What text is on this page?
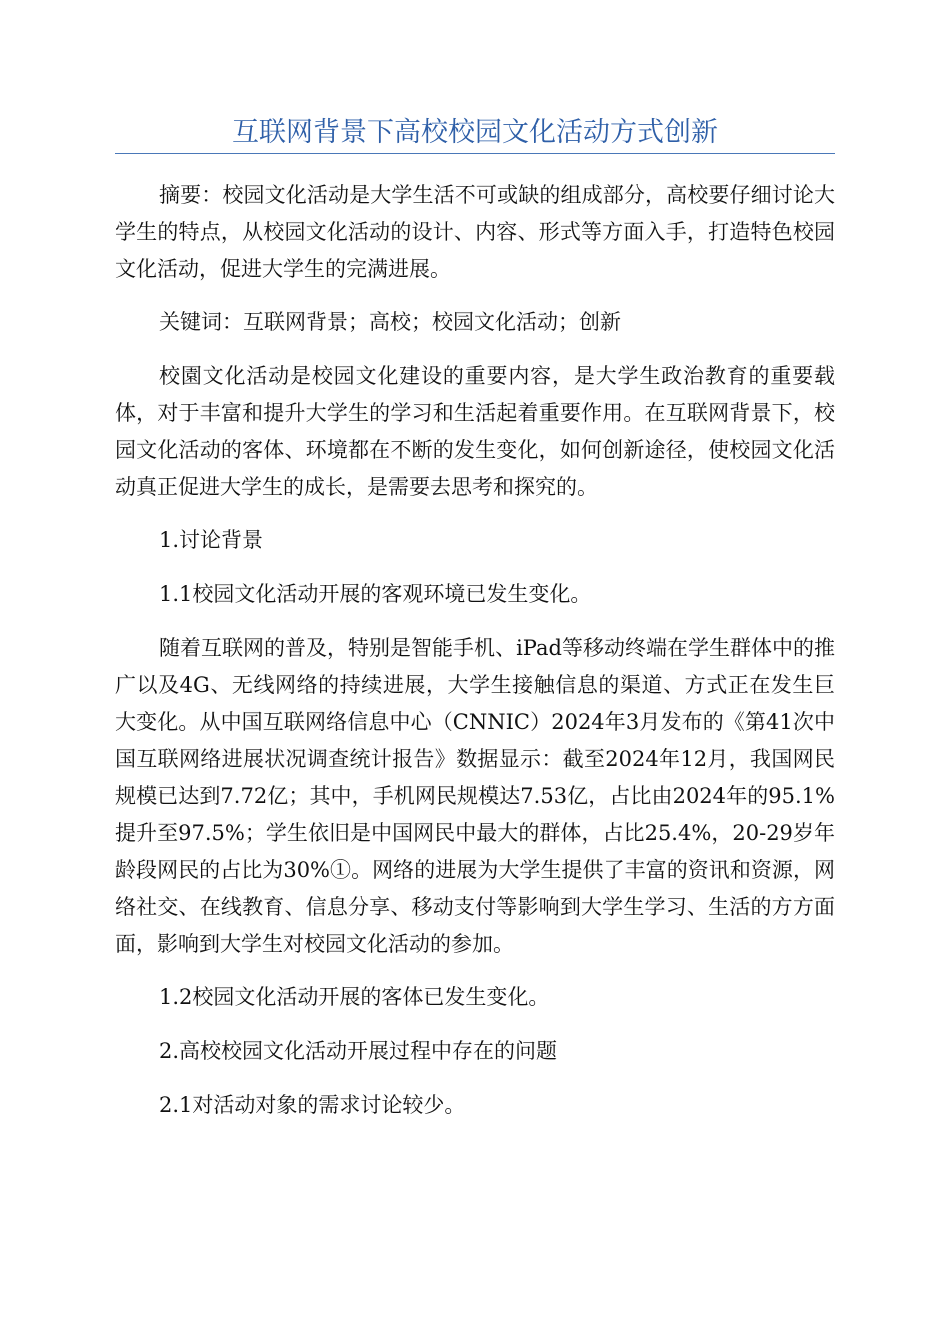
互联网背景下高校校园文化活动方式创新

摘要：校园文化活动是大学生活不可或缺的组成部分，高校要仔细讨论大学生的特点，从校园文化活动的设计、内容、形式等方面入手，打造特色校园文化活动，促进大学生的完满进展。

关键词：互联网背景；高校；校园文化活动；创新

校園文化活动是校园文化建设的重要内容，是大学生政治教育的重要载体，对于丰富和提升大学生的学习和生活起着重要作用。在互联网背景下，校园文化活动的客体、环境都在不断的发生变化，如何创新途径，使校园文化活动真正促进大学生的成长，是需要去思考和探究的。

1.讨论背景

1.1校园文化活动开展的客观环境已发生变化。

随着互联网的普及，特别是智能手机、iPad等移动终端在学生群体中的推广以及4G、无线网络的持续进展，大学生接触信息的渠道、方式正在发生巨大变化。从中国互联网络信息中心（CNNIC）2024年3月发布的《第41次中国互联网络进展状况调查统计报告》数据显示：截至2024年12月，我国网民规模已达到7.72亿；其中，手机网民规模达7.53亿，占比由2024年的95.1%提升至97.5%；学生依旧是中国网民中最大的群体，占比25.4%，20-29岁年龄段网民的占比为30%①。网络的进展为大学生提供了丰富的资讯和资源，网络社交、在线教育、信息分享、移动支付等影响到大学生学习、生活的方方面面，影响到大学生对校园文化活动的参加。

1.2校园文化活动开展的客体已发生变化。

2.高校校园文化活动开展过程中存在的问题

2.1对活动对象的需求讨论较少。
